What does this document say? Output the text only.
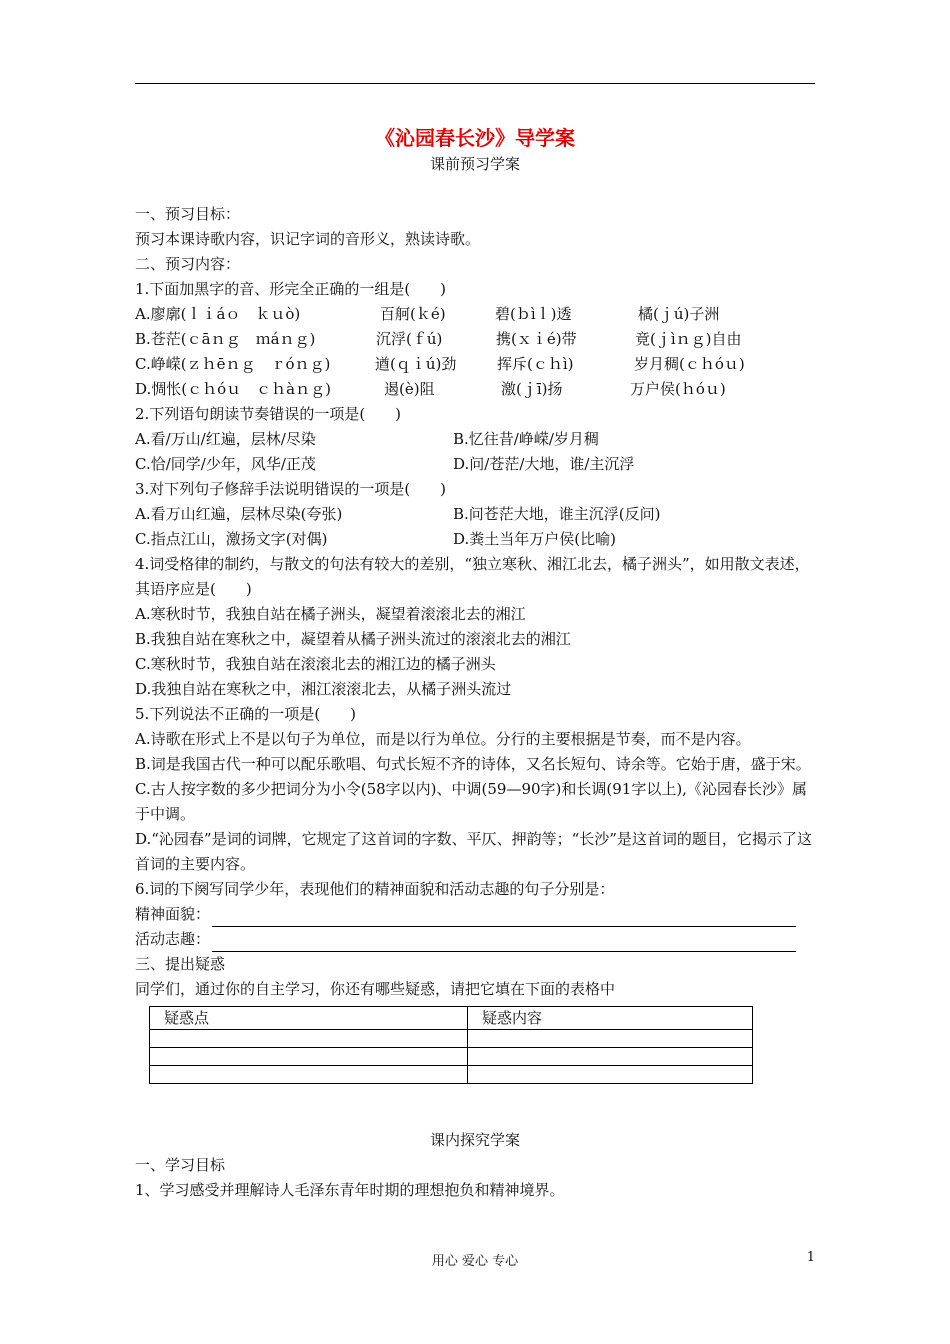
《沁园春长沙》导学案
课前预习学案
一、预习目标：
预习本课诗歌内容，识记字词的音形义，熟读诗歌。
二、预习内容：
1.下面加黑字的音、形完全正确的一组是(　　)
A.廖廓(ｌｉáｏ　ｋｕò)	百舸(ｋé)	碧(ｂìｌ)透	橘(ｊú)子洲
B.苍茫(ｃāｎｇ　ｍáｎｇ)	沉浮(ｆú)	携(ｘｉé)带	竟(ｊìｎｇ)自由
C.峥嵘(ｚｈēｎｇ　ｒóｎｇ)	遒(ｑｉú)劲	挥斥(ｃｈì)	岁月稠(ｃｈóｕ)
D.惆怅(ｃｈóｕ　ｃｈàｎｇ)	遏(è)阻	激(ｊī)扬	万户侯(ｈóｕ)
2.下列语句朗读节奏错误的一项是(　　)
A.看/万山/红遍，层林/尽染	B.忆往昔/峥嵘/岁月稠
C.恰/同学/少年，风华/正茂	D.问/苍茫/大地，谁/主沉浮
3.对下列句子修辞手法说明错误的一项是(　　)
A.看万山红遍，层林尽染(夸张)	B.问苍茫大地，谁主沉浮(反问)
C.指点江山，激扬文字(对偶)	D.粪土当年万户侯(比喻)
4.词受格律的制约，与散文的句法有较大的差别，“独立寒秋、湘江北去，橘子洲头”，如用散文表述，其语序应是(　　)
A.寒秋时节，我独自站在橘子洲头，凝望着滚滚北去的湘江
B.我独自站在寒秋之中，凝望着从橘子洲头流过的滚滚北去的湘江
C.寒秋时节，我独自站在滚滚北去的湘江边的橘子洲头
D.我独自站在寒秋之中，湘江滚滚北去，从橘子洲头流过
5.下列说法不正确的一项是(　　)
A.诗歌在形式上不是以句子为单位，而是以行为单位。分行的主要根据是节奏，而不是内容。
B.词是我国古代一种可以配乐歌唱、句式长短不齐的诗体，又名长短句、诗余等。它始于唐，盛于宋。
C.古人按字数的多少把词分为小令(58字以内)、中调(59—90字)和长调(91字以上),《沁园春长沙》属于中调。
D.“沁园春”是词的词牌，它规定了这首词的字数、平仄、押韵等；“长沙”是这首词的题目，它揭示了这首词的主要内容。
6.词的下阕写同学少年，表现他们的精神面貌和活动志趣的句子分别是：
精神面貌：
活动志趣：
三、提出疑惑
同学们，通过你的自主学习，你还有哪些疑惑，请把它填在下面的表格中
疑惑点	疑惑内容

课内探究学案
一、学习目标
1、学习感受并理解诗人毛泽东青年时期的理想抱负和精神境界。
用心 爱心 专心	1
